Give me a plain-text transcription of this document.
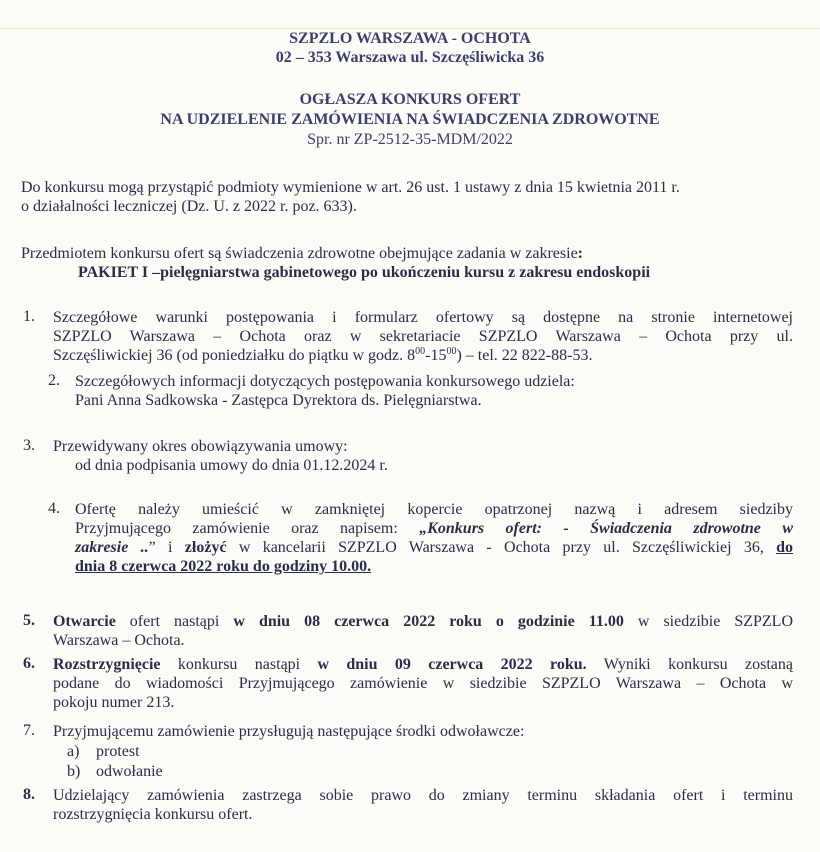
SZPZLO WARSZAWA - OCHOTA
02 – 353 Warszawa ul. Szczęśliwicka 36
OGŁASZA KONKURS OFERT
NA UDZIELENIE ZAMÓWIENIA NA ŚWIADCZENIA ZDROWOTNE
Spr. nr ZP-2512-35-MDM/2022
Do konkursu mogą przystąpić podmioty wymienione w art. 26 ust. 1 ustawy z dnia 15 kwietnia 2011 r.
o działalności leczniczej (Dz. U. z 2022 r. poz. 633).
Przedmiotem konkursu ofert są świadczenia zdrowotne obejmujące zadania w zakresie:
PAKIET I –pielęgniarstwa gabinetowego po ukończeniu kursu z zakresu endoskopii
1. Szczegółowe warunki postępowania i formularz ofertowy są dostępne na stronie internetowej
SZPZLO Warszawa – Ochota oraz w sekretariacie SZPZLO Warszawa – Ochota przy ul.
Szczęśliwickiej 36 (od poniedziałku do piątku w godz. $8^{00}-15^{00}$) – tel. 22 822-88-53.
2. Szczegółowych informacji dotyczących postępowania konkursowego udziela:
Pani Anna Sadkowska - Zastępca Dyrektora ds. Pielęgniarstwa.
3. Przewidywany okres obowiązywania umowy:
od dnia podpisania umowy do dnia 01.12.2024 r.
4. Ofertę należy umieścić w zamkniętej kopercie opatrzonej nazwą i adresem siedziby
Przyjmującego zamówienie oraz napisem: „Konkurs ofert: - Świadczenia zdrowotne w
zakresie ..” i złożyć w kancelarii SZPZLO Warszawa - Ochota przy ul. Szczęśliwickiej 36, do
dnia 8 czerwca 2022 roku do godziny 10.00.
5. Otwarcie ofert nastąpi w dniu 08 czerwca 2022 roku o godzinie 11.00 w siedzibie SZPZLO
Warszawa – Ochota.
6. Rozstrzygnięcie konkursu nastąpi w dniu 09 czerwca 2022 roku. Wyniki konkursu zostaną
podane do wiadomości Przyjmującego zamówienie w siedzibie SZPZLO Warszawa – Ochota w
pokoju numer 213.
7. Przyjmującemu zamówienie przysługują następujące środki odwoławcze:
a) protest
b) odwołanie
8. Udzielający zamówienia zastrzega sobie prawo do zmiany terminu składania ofert i terminu
rozstrzygnięcia konkursu ofert.
